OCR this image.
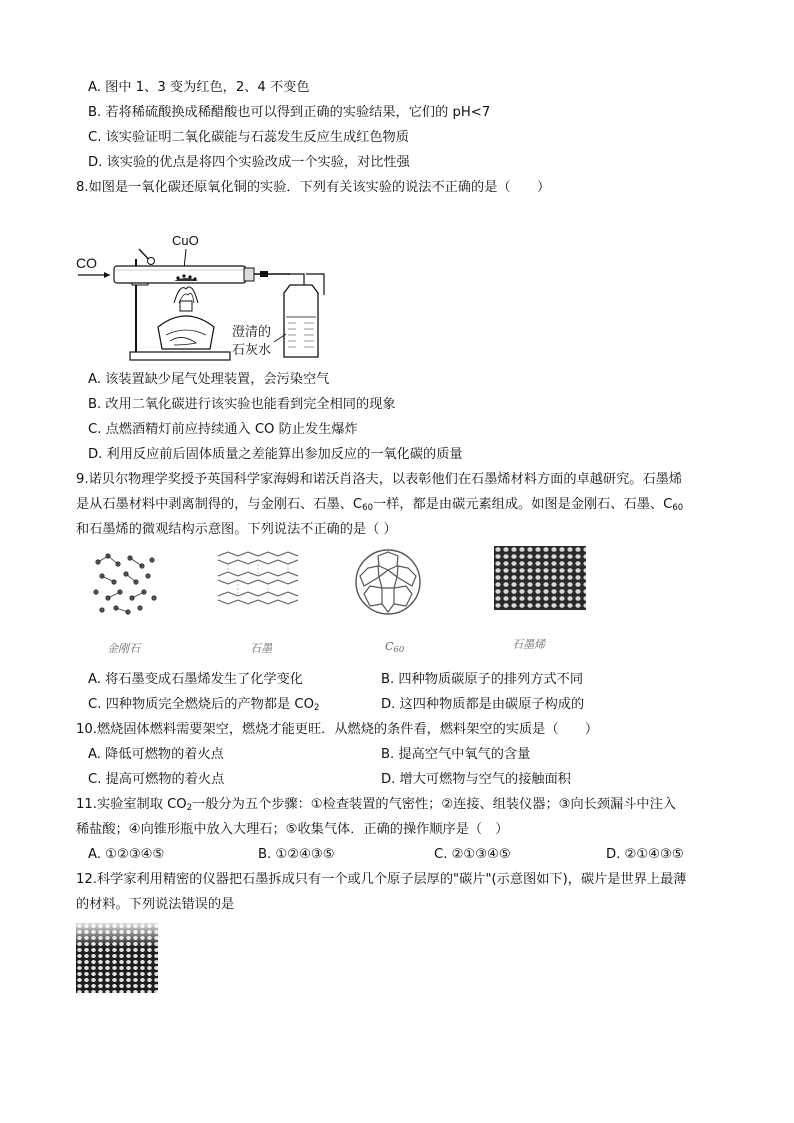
A. 图中 1、3 变为红色，2、4 不变色
B. 若将稀硫酸换成稀醋酸也可以得到正确的实验结果，它们的 pH<7
C. 该实验证明二氧化碳能与石蕊发生反应生成红色物质
D. 该实验的优点是将四个实验改成一个实验，对比性强
8.如图是一氧化碳还原氧化铜的实验．下列有关该实验的说法不正确的是（　　）
CO
CuO
澄清的
石灰水
A. 该装置缺少尾气处理装置，会污染空气
B. 改用二氧化碳进行该实验也能看到完全相同的现象
C. 点燃酒精灯前应持续通入 CO 防止发生爆炸
D. 利用反应前后固体质量之差能算出参加反应的一氧化碳的质量
9.诺贝尔物理学奖授予英国科学家海姆和诺沃肖洛夫，以表彰他们在石墨烯材料方面的卓越研究。石墨烯
是从石墨材料中剥离制得的，与金刚石、石墨、$C_{60}$一样，都是由碳元素组成。如图是金刚石、石墨、$C_{60}$
和石墨烯的微观结构示意图。下列说法不正确的是（ ）
金刚石	石墨	$C_{60}$	石墨烯
A. 将石墨变成石墨烯发生了化学变化	B. 四种物质碳原子的排列方式不同
C. 四种物质完全燃烧后的产物都是 $CO_2$	D. 这四种物质都是由碳原子构成的
10.燃烧固体燃料需要架空，燃烧才能更旺．从燃烧的条件看，燃料架空的实质是（　　）
A. 降低可燃物的着火点	B. 提高空气中氧气的含量
C. 提高可燃物的着火点	D. 增大可燃物与空气的接触面积
11.实验室制取 $CO_2$一般分为五个步骤：①检查装置的气密性；②连接、组装仪器；③向长颈漏斗中注入
稀盐酸；④向锥形瓶中放入大理石；⑤收集气体．正确的操作顺序是（　）
A. ①②③④⑤	B. ①②④③⑤	C. ②①③④⑤	D. ②①④③⑤
12.科学家利用精密的仪器把石墨拆成只有一个或几个原子层厚的"碳片"(示意图如下)，碳片是世界上最薄
的材料。下列说法错误的是
